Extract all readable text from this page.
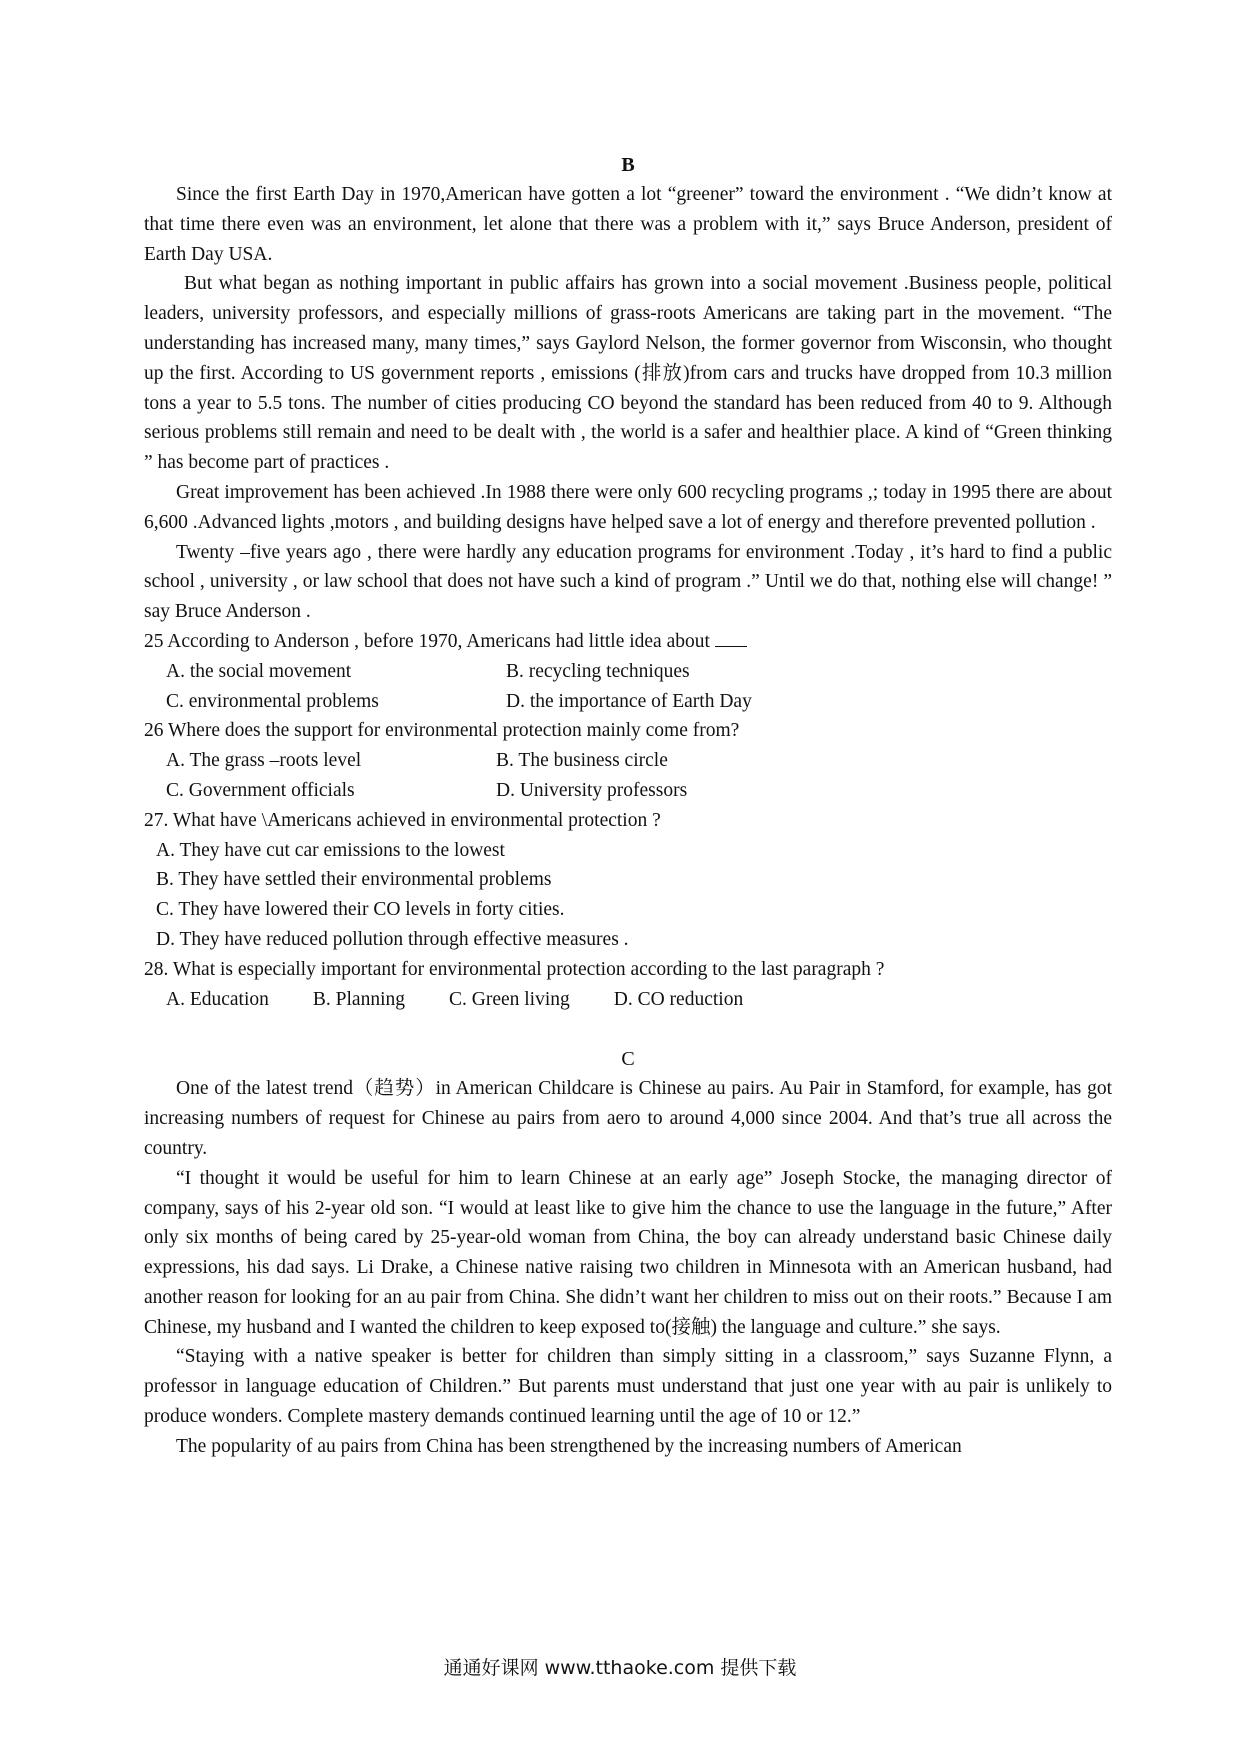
B

Since the first Earth Day in 1970,American have gotten a lot “greener” toward the environment . “We didn’t know at that time there even was an environment, let alone that there was a problem with it,” says Bruce Anderson, president of Earth Day USA.

But what began as nothing important in public affairs has grown into a social movement .Business people, political leaders, university professors, and especially millions of grass-roots Americans are taking part in the movement. “The understanding has increased many, many times,” says Gaylord Nelson, the former governor from Wisconsin, who thought up the first. According to US government reports , emissions (排放)from cars and trucks have dropped from 10.3 million tons a year to 5.5 tons. The number of cities producing CO beyond the standard has been reduced from 40 to 9. Although serious problems still remain and need to be dealt with , the world is a safer and healthier place. A kind of “Green thinking ” has become part of practices .

Great improvement has been achieved .In 1988 there were only 600 recycling programs ,; today in 1995 there are about 6,600 .Advanced lights ,motors , and building designs have helped save a lot of energy and therefore prevented pollution .

Twenty –five years ago , there were hardly any education programs for environment .Today , it’s hard to find a public school , university , or law school that does not have such a kind of program .” Until we do that, nothing else will change! ” say Bruce Anderson .

25 According to Anderson , before 1970, Americans had little idea about
A. the social movement	B. recycling techniques
C. environmental problems	D. the importance of Earth Day
26 Where does the support for environmental protection mainly come from?
A. The grass –roots level	B. The business circle
C. Government officials	D. University professors
27. What have \Americans achieved in environmental protection ?
A. They have cut car emissions to the lowest
B. They have settled their environmental problems
C. They have lowered their CO levels in forty cities.
D. They have reduced pollution through effective measures .
28. What is especially important for environmental protection according to the last paragraph ?
A. Education B. Planning C. Green living D. CO reduction
C

One of the latest trend（趋势）in American Childcare is Chinese au pairs. Au Pair in Stamford, for example, has got increasing numbers of request for Chinese au pairs from aero to around 4,000 since 2004. And that’s true all across the country.

“I thought it would be useful for him to learn Chinese at an early age” Joseph Stocke, the managing director of company, says of his 2-year old son. “I would at least like to give him the chance to use the language in the future,” After only six months of being cared by 25-year-old woman from China, the boy can already understand basic Chinese daily expressions, his dad says. Li Drake, a Chinese native raising two children in Minnesota with an American husband, had another reason for looking for an au pair from China. She didn’t want her children to miss out on their roots.” Because I am Chinese, my husband and I wanted the children to keep exposed to(接触) the language and culture.” she says.

“Staying with a native speaker is better for children than simply sitting in a classroom,” says Suzanne Flynn, a professor in language education of Children.” But parents must understand that just one year with au pair is unlikely to produce wonders. Complete mastery demands continued learning until the age of 10 or 12.”

The popularity of au pairs from China has been strengthened by the increasing numbers of American

通通好课网 www.tthaoke.com 提供下载
